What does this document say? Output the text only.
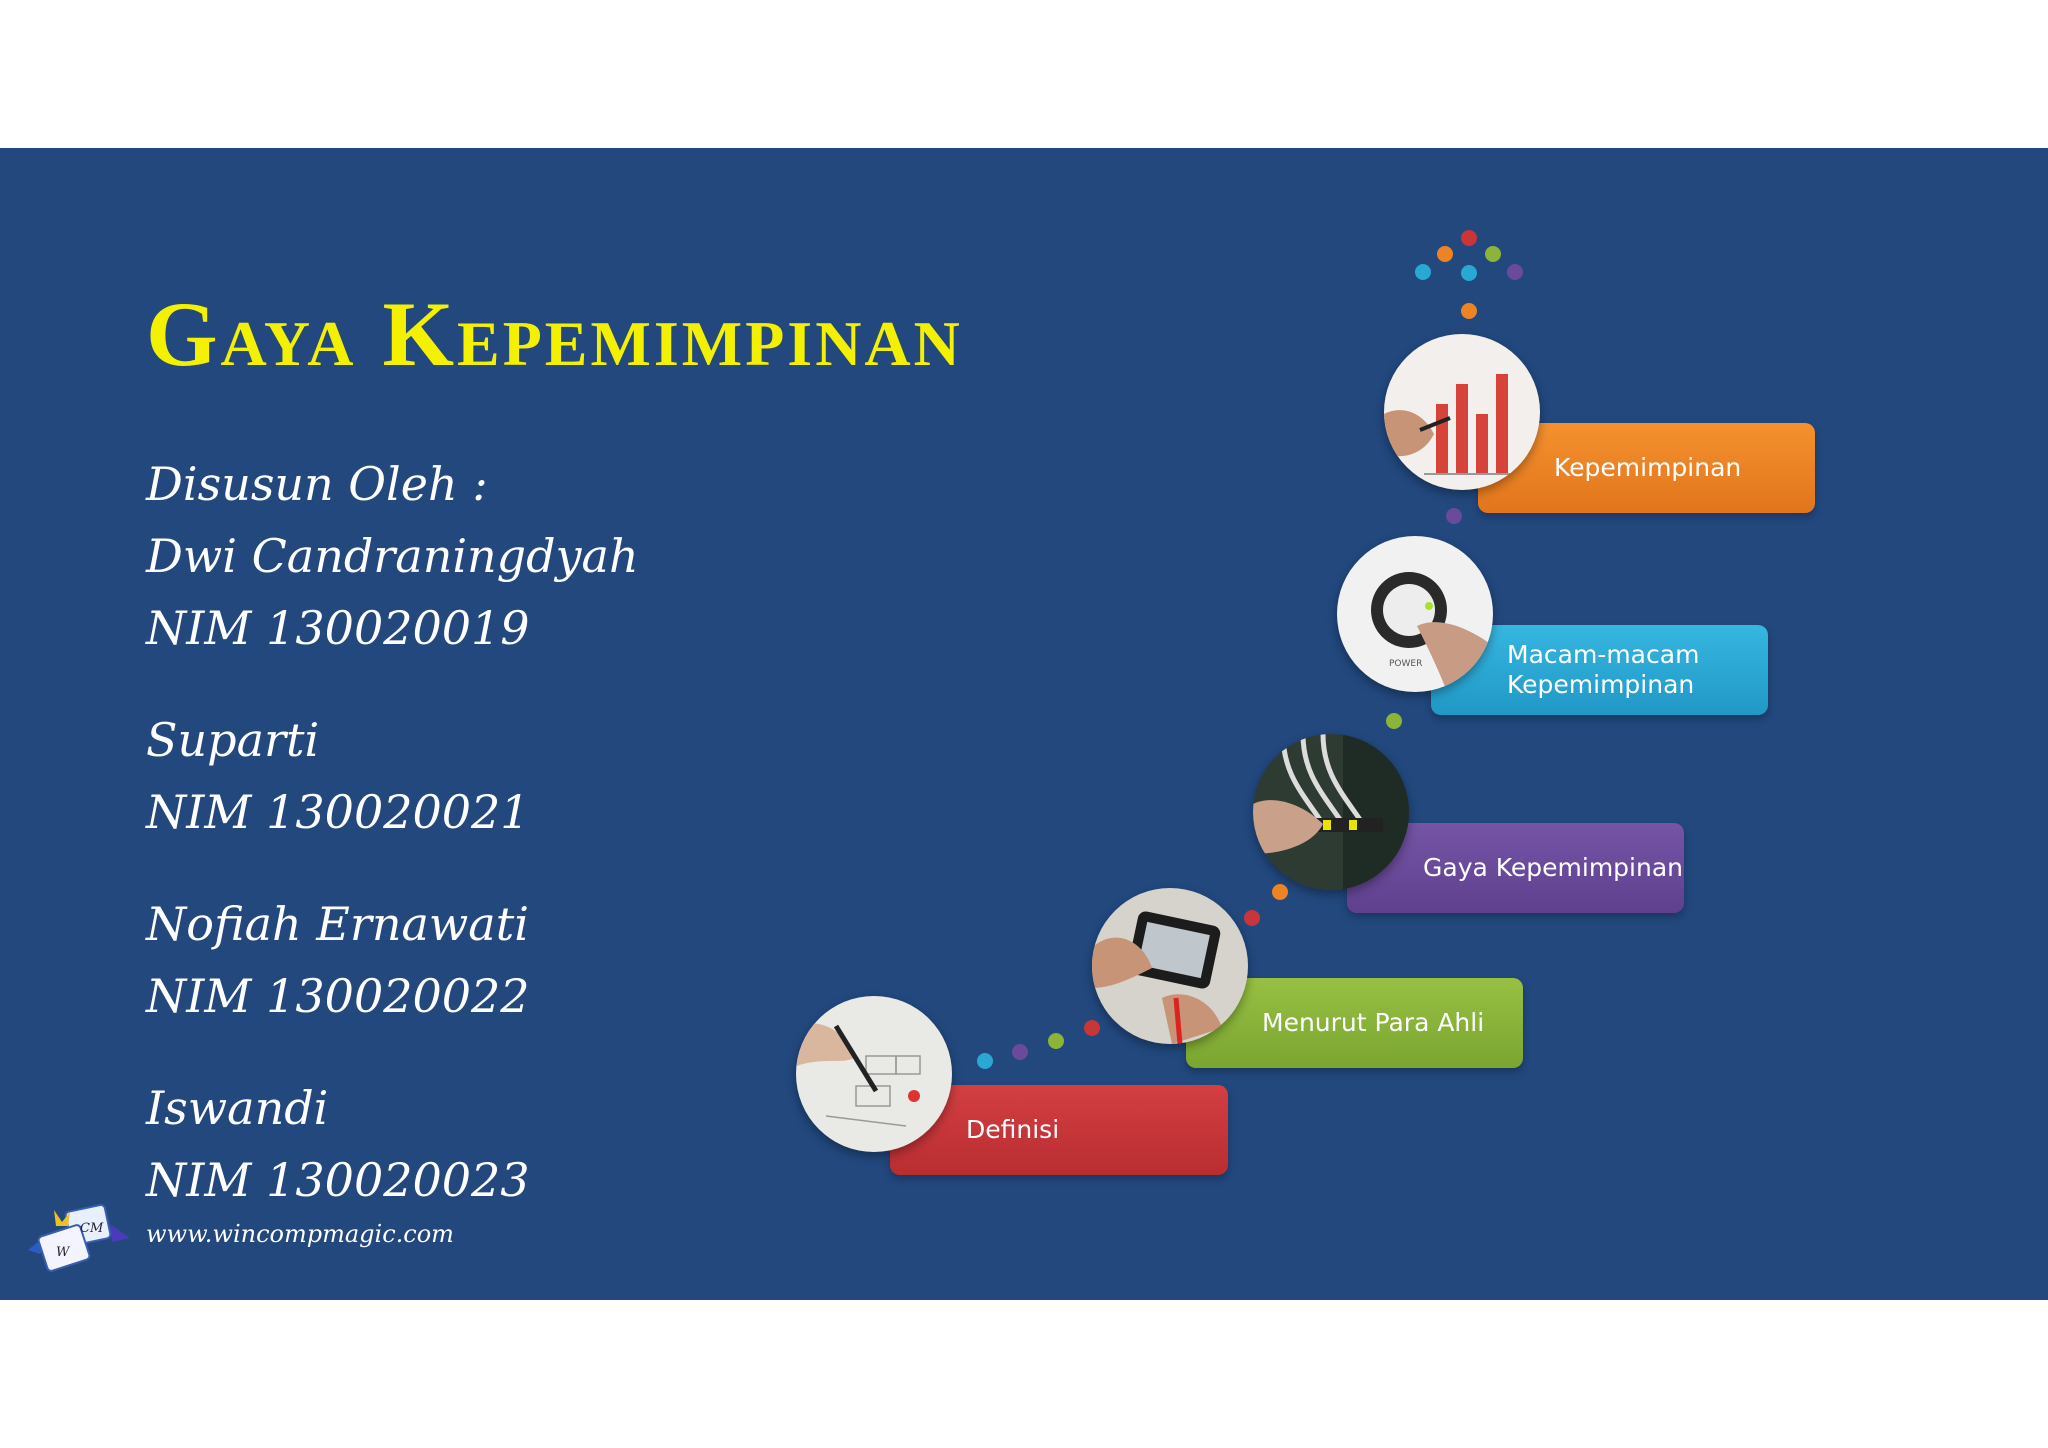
Gaya Kepemimpinan
Disusun Oleh :
Dwi Candraningdyah
NIM 130020019
Suparti
NIM 130020021
Nofiah Ernawati
NIM 130020022
Iswandi
NIM 130020023
CM
W
www.wincompmagic.com
Definisi
Menurut Para Ahli
Gaya Kepemimpinan
Macam-macam
Kepemimpinan
POWER
Kepemimpinan
